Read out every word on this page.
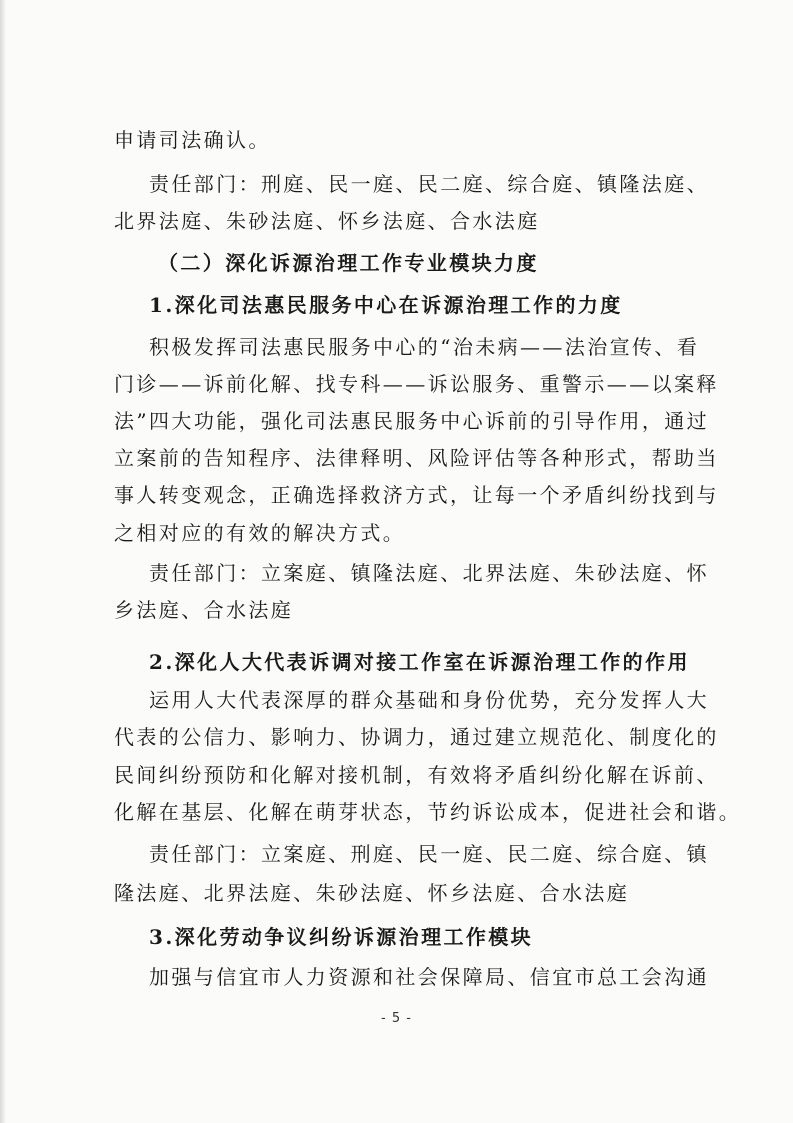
申请司法确认。
责任部门：刑庭、民一庭、民二庭、综合庭、镇隆法庭、
北界法庭、朱砂法庭、怀乡法庭、合水法庭
（二）深化诉源治理工作专业模块力度
1.深化司法惠民服务中心在诉源治理工作的力度
积极发挥司法惠民服务中心的“治未病——法治宣传、看
门诊——诉前化解、找专科——诉讼服务、重警示——以案释
法”四大功能，强化司法惠民服务中心诉前的引导作用，通过
立案前的告知程序、法律释明、风险评估等各种形式，帮助当
事人转变观念，正确选择救济方式，让每一个矛盾纠纷找到与
之相对应的有效的解决方式。
责任部门：立案庭、镇隆法庭、北界法庭、朱砂法庭、怀
乡法庭、合水法庭
2.深化人大代表诉调对接工作室在诉源治理工作的作用
运用人大代表深厚的群众基础和身份优势，充分发挥人大
代表的公信力、影响力、协调力，通过建立规范化、制度化的
民间纠纷预防和化解对接机制，有效将矛盾纠纷化解在诉前、
化解在基层、化解在萌芽状态，节约诉讼成本，促进社会和谐。
责任部门：立案庭、刑庭、民一庭、民二庭、综合庭、镇
隆法庭、北界法庭、朱砂法庭、怀乡法庭、合水法庭
3.深化劳动争议纠纷诉源治理工作模块
加强与信宜市人力资源和社会保障局、信宜市总工会沟通
- 5 -
